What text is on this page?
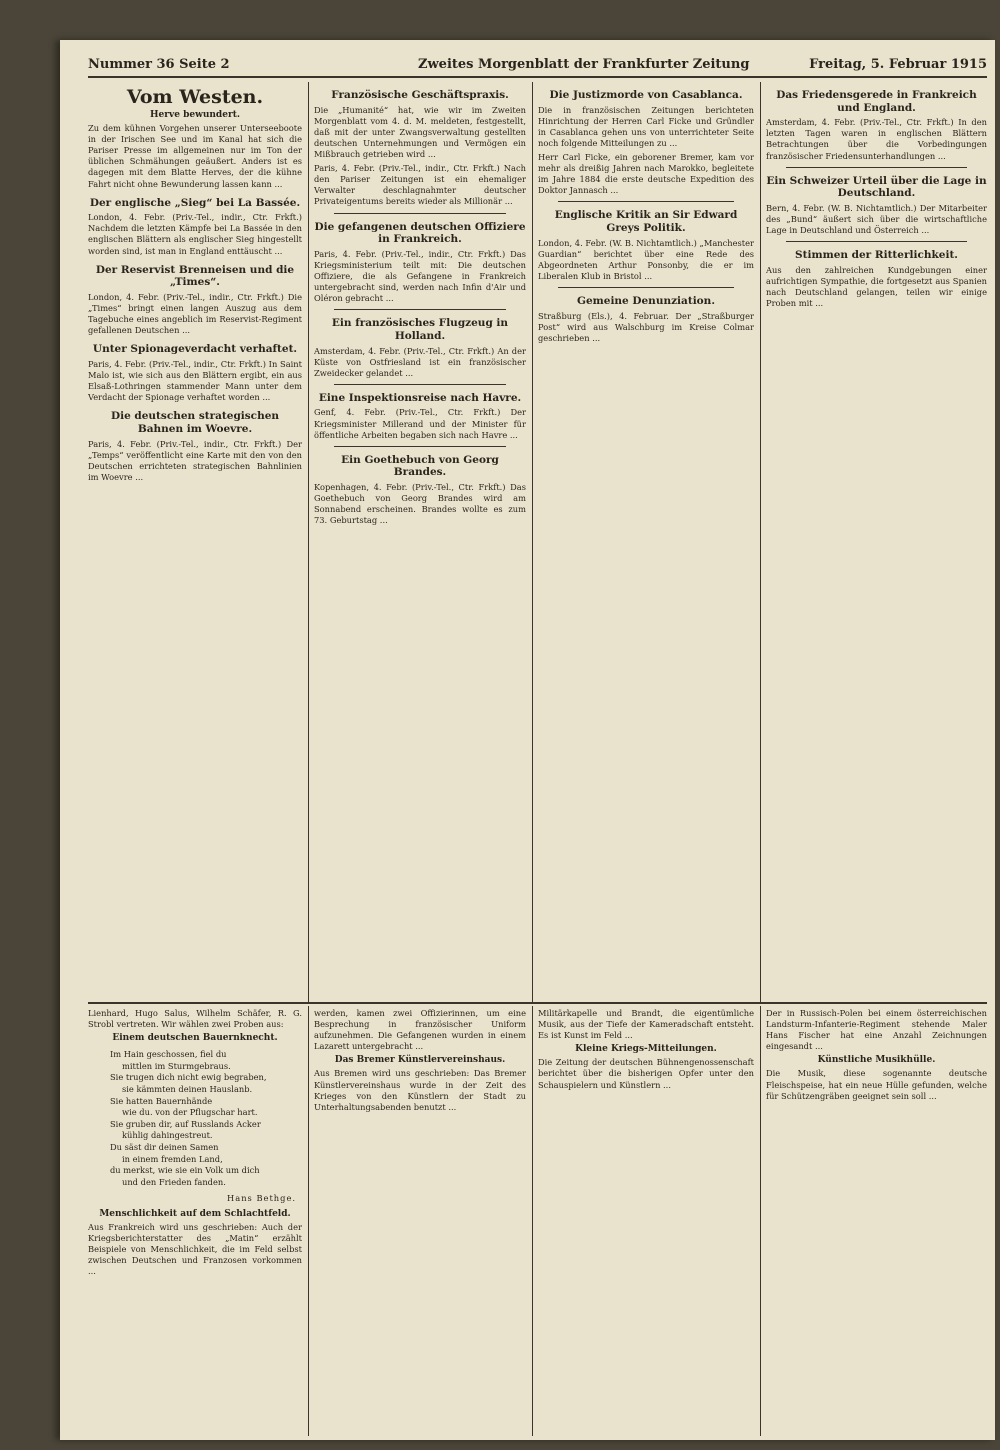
Nummer 36 Seite 2	Zweites Morgenblatt der Frankfurter Zeitung	Freitag, 5. Februar 1915
Vom Westen.
Herve bewundert.

Zu dem kühnen Vorgehen unserer Unterseeboote in der Irischen See und im Kanal hat sich die Pariser Presse im allgemeinen nur im Ton der üblichen Schmähungen geäußert. Anders ist es dagegen mit dem Blatte Herves, der die kühne Fahrt nicht ohne Bewunderung lassen kann ...

Der englische „Sieg“ bei La Bassée.

London, 4. Febr. (Priv.-Tel., indir., Ctr. Frkft.) Nachdem die letzten Kämpfe bei La Bassée in den englischen Blättern als englischer Sieg hingestellt worden sind, ist man in England enttäuscht ...

Der Reservist Brenneisen und die „Times“.

London, 4. Febr. (Priv.-Tel., indir., Ctr. Frkft.) Die „Times“ bringt einen langen Auszug aus dem Tagebuche eines angeblich im Reservist-Regiment gefallenen Deutschen ...

Unter Spionageverdacht verhaftet.

Paris, 4. Febr. (Priv.-Tel., indir., Ctr. Frkft.) In Saint Malo ist, wie sich aus den Blättern ergibt, ein aus Elsaß-Lothringen stammender Mann unter dem Verdacht der Spionage verhaftet worden ...

Die deutschen strategischen Bahnen im Woevre.

Paris, 4. Febr. (Priv.-Tel., indir., Ctr. Frkft.) Der „Temps“ veröffentlicht eine Karte mit den von den Deutschen errichteten strategischen Bahnlinien im Woevre ...

Französische Geschäftspraxis.

Die „Humanité“ hat, wie wir im Zweiten Morgenblatt vom 4. d. M. meldeten, festgestellt, daß mit der unter Zwangsverwaltung gestellten deutschen Unternehmungen und Vermögen ein Mißbrauch getrieben wird ...

Paris, 4. Febr. (Priv.-Tel., indir., Ctr. Frkft.) Nach den Pariser Zeitungen ist ein ehemaliger Verwalter deschlagnahmter deutscher Privateigentums bereits wieder als Millionär ...

Die gefangenen deutschen Offiziere in Frankreich.

Paris, 4. Febr. (Priv.-Tel., indir., Ctr. Frkft.) Das Kriegsministerium teilt mit: Die deutschen Offiziere, die als Gefangene in Frankreich untergebracht sind, werden nach Infin d'Air und Oléron gebracht ...

Ein französisches Flugzeug in Holland.

Amsterdam, 4. Febr. (Priv.-Tel., Ctr. Frkft.) An der Küste von Ostfriesland ist ein französischer Zweidecker gelandet ...

Eine Inspektionsreise nach Havre.

Genf, 4. Febr. (Priv.-Tel., Ctr. Frkft.) Der Kriegsminister Millerand und der Minister für öffentliche Arbeiten begaben sich nach Havre ...

Ein Goethebuch von Georg Brandes.

Kopenhagen, 4. Febr. (Priv.-Tel., Ctr. Frkft.) Das Goethebuch von Georg Brandes wird am Sonnabend erscheinen. Brandes wollte es zum 73. Geburtstag ...

Die Justizmorde von Casablanca.

Die in französischen Zeitungen berichteten Hinrichtung der Herren Carl Ficke und Gründler in Casablanca gehen uns von unterrichteter Seite noch folgende Mitteilungen zu ...

Herr Carl Ficke, ein geborener Bremer, kam vor mehr als dreißig Jahren nach Marokko, begleitete im Jahre 1884 die erste deutsche Expedition des Doktor Jannasch ...

Englische Kritik an Sir Edward Greys Politik.

London, 4. Febr. (W. B. Nichtamtlich.) „Manchester Guardian“ berichtet über eine Rede des Abgeordneten Arthur Ponsonby, die er im Liberalen Klub in Bristol ...

Gemeine Denunziation.

Straßburg (Els.), 4. Februar. Der „Straßburger Post“ wird aus Walschburg im Kreise Colmar geschrieben ...

Das Friedensgerede in Frankreich und England.

Amsterdam, 4. Febr. (Priv.-Tel., Ctr. Frkft.) In den letzten Tagen waren in englischen Blättern Betrachtungen über die Vorbedingungen französischer Friedensunterhandlungen ...

Ein Schweizer Urteil über die Lage in Deutschland.

Bern, 4. Febr. (W. B. Nichtamtlich.) Der Mitarbeiter des „Bund“ äußert sich über die wirtschaftliche Lage in Deutschland und Österreich ...

Stimmen der Ritterlichkeit.

Aus den zahlreichen Kundgebungen einer aufrichtigen Sympathie, die fortgesetzt aus Spanien nach Deutschland gelangen, teilen wir einige Proben mit ...

Lienhard, Hugo Salus, Wilhelm Schäfer, R. G. Strobl vertreten. Wir wählen zwei Proben aus:

Einem deutschen Bauernknecht.
Im Hain geschossen, fiel du
mittlen im Sturmgebraus.
Sie trugen dich nicht ewig begraben,
sie kämmten deinen Hauslanb.
Sie hatten Bauernhände
wie du. von der Pflugschar hart.
Sie gruben dir, auf Russlands Acker
kühlig dahingestreut.
Du säst dir deinen Samen
in einem fremden Land,
du merkst, wie sie ein Volk um dich
und den Frieden fanden.
Hans Bethge.
Menschlichkeit auf dem Schlachtfeld.

Aus Frankreich wird uns geschrieben: Auch der Kriegsberichterstatter des „Matin“ erzählt Beispiele von Menschlichkeit, die im Feld selbst zwischen Deutschen und Franzosen vorkommen ...

werden, kamen zwei Offizierinnen, um eine Besprechung in französischer Uniform aufzunehmen. Die Gefangenen wurden in einem Lazarett untergebracht ...

Das Bremer Künstlervereinshaus.

Aus Bremen wird uns geschrieben: Das Bremer Künstlervereinshaus wurde in der Zeit des Krieges von den Künstlern der Stadt zu Unterhaltungsabenden benutzt ...

Militärkapelle und Brandt, die eigentümliche Musik, aus der Tiefe der Kameradschaft entsteht. Es ist Kunst im Feld ...

Kleine Kriegs-Mitteilungen.

Die Zeitung der deutschen Bühnengenossenschaft berichtet über die bisherigen Opfer unter den Schauspielern und Künstlern ...

Der in Russisch-Polen bei einem österreichischen Landsturm-Infanterie-Regiment stehende Maler Hans Fischer hat eine Anzahl Zeichnungen eingesandt ...

Künstliche Musikhülle.

Die Musik, diese sogenannte deutsche Fleischspeise, hat ein neue Hülle gefunden, welche für Schützengräben geeignet sein soll ...
